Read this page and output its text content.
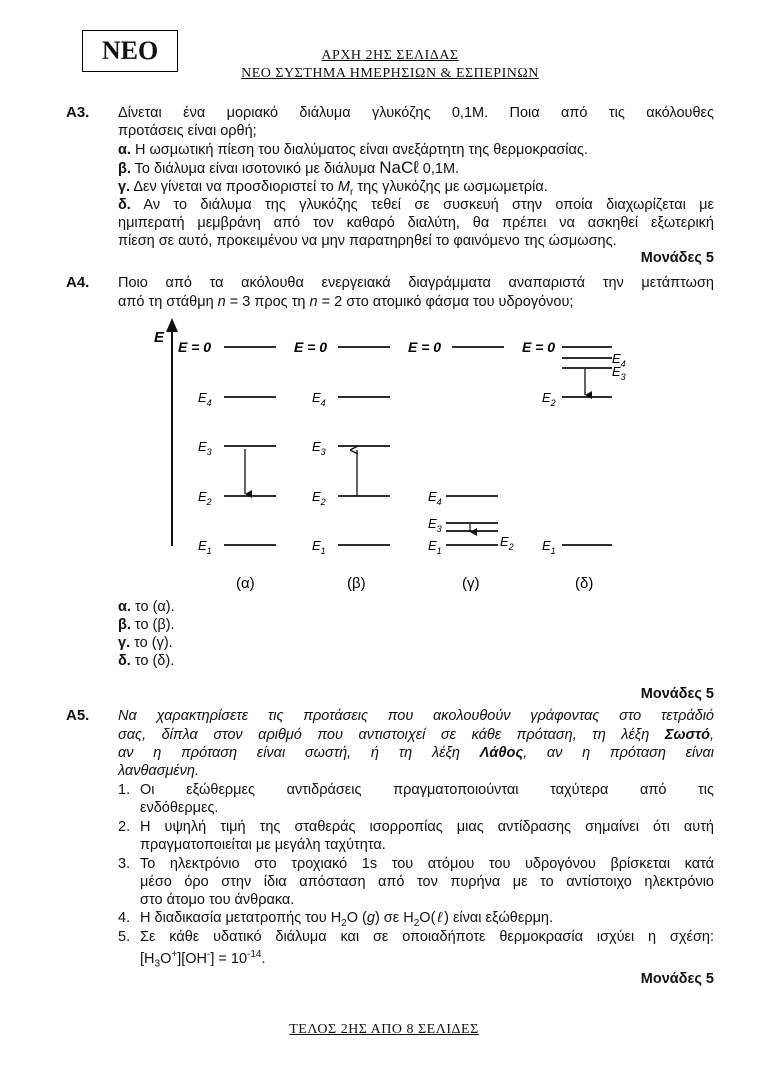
ΝΕΟ	ΑΡΧΗ 2ΗΣ ΣΕΛΙΔΑΣ
ΝΕΟ ΣΥΣΤΗΜΑ ΗΜΕΡΗΣΙΩΝ & ΕΣΠΕΡΙΝΩΝ
Α3. Δίνεται ένα μοριακό διάλυμα γλυκόζης 0,1Μ. Ποια από τις ακόλουθες
προτάσεις είναι ορθή;
α. Η ωσμωτική πίεση του διαλύματος είναι ανεξάρτητη της θερμοκρασίας.
β. Το διάλυμα είναι ισοτονικό με διάλυμα NaCℓ 0,1Μ.
γ. Δεν γίνεται να προσδιοριστεί το $M_r$ της γλυκόζης με ωσμωμετρία.
δ. Αν το διάλυμα της γλυκόζης τεθεί σε συσκευή στην οποία διαχωρίζεται με
ημιπερατή μεμβράνη από τον καθαρό διαλύτη, θα πρέπει να ασκηθεί εξωτερική
πίεση σε αυτό, προκειμένου να μην παρατηρηθεί το φαινόμενο της ώσμωσης.
Μονάδες 5
Α4. Ποιο από τα ακόλουθα ενεργειακά διαγράμματα αναπαριστά την μετάπτωση
από τη στάθμη n = 3 προς τη n = 2 στο ατομικό φάσμα του υδρογόνου;
E
E = 0
$E_4$
$E_3$
$E_2$
$E_1$
(α)
E = 0
$E_4$
$E_3$
$E_2$
$E_1$
(β)
E = 0
$E_4$
$E_3$
$E_2$
$E_1$
(γ)
E = 0
$E_4$
$E_3$
$E_2$
$E_1$
(δ)
α. το (α).
β. το (β).
γ. το (γ).
δ. το (δ).
Μονάδες 5
Α5. Να χαρακτηρίσετε τις προτάσεις που ακολουθούν γράφοντας στο τετράδιό
σας, δίπλα στον αριθμό που αντιστοιχεί σε κάθε πρόταση, τη λέξη Σωστό,
αν η πρόταση είναι σωστή, ή τη λέξη Λάθος, αν η πρόταση είναι
λανθασμένη.
1. Οι εξώθερμες αντιδράσεις πραγματοποιούνται ταχύτερα από τις
ενδόθερμες.
2. Η υψηλή τιμή της σταθεράς ισορροπίας μιας αντίδρασης σημαίνει ότι αυτή
πραγματοποιείται με μεγάλη ταχύτητα.
3. Το ηλεκτρόνιο στο τροχιακό 1s του ατόμου του υδρογόνου βρίσκεται κατά
μέσο όρο στην ίδια απόσταση από τον πυρήνα με το αντίστοιχο ηλεκτρόνιο
στο άτομο του άνθρακα.
4. Η διαδικασία μετατροπής του $H_2O$ (g) σε $H_2O$( ℓ ) είναι εξώθερμη.
5. Σε κάθε υδατικό διάλυμα και σε οποιαδήποτε θερμοκρασία ισχύει η σχέση:
$[H_3O^+][OH^-] = 10^{-14}$.
Μονάδες 5
ΤΕΛΟΣ 2ΗΣ ΑΠΟ 8 ΣΕΛΙΔΕΣ
